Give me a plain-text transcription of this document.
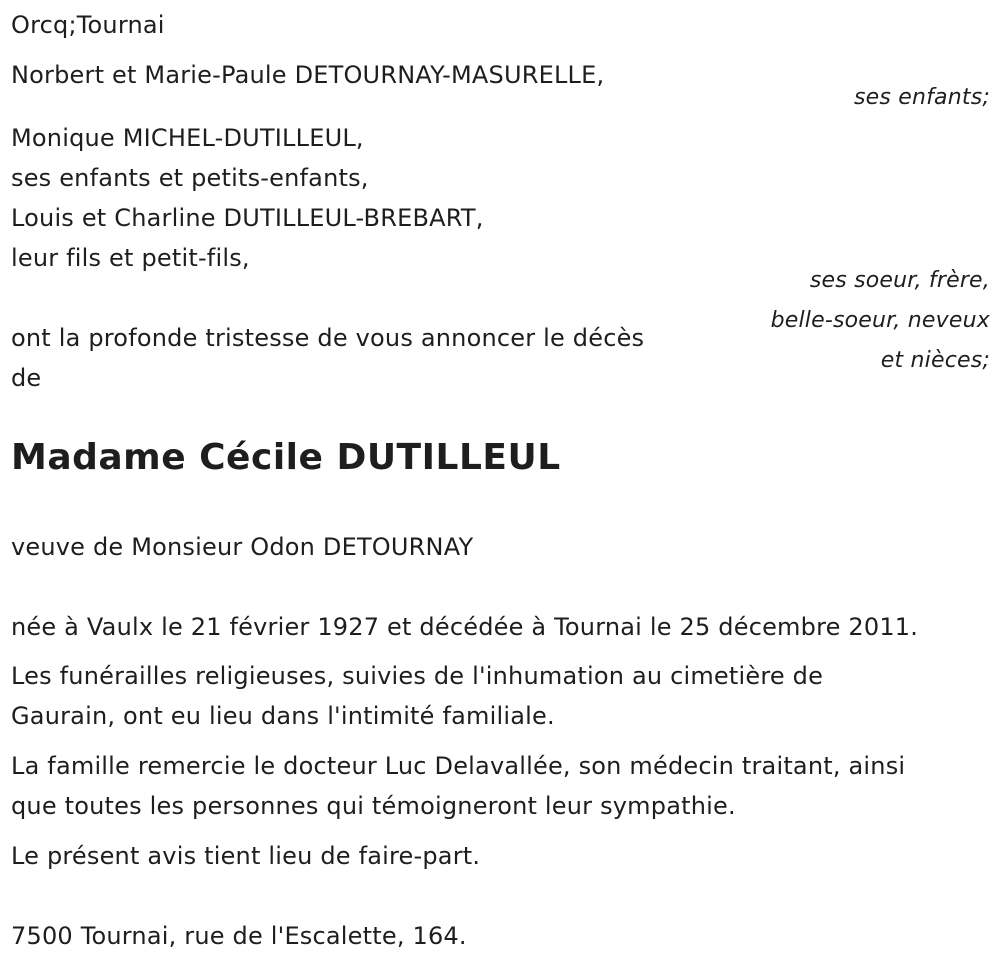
Orcq;Tournai
Norbert et Marie-Paule DETOURNAY-MASURELLE,
ses enfants;
Monique MICHEL-DUTILLEUL,
ses enfants et petits-enfants,
Louis et Charline DUTILLEUL-BREBART,
leur fils et petit-fils,
ses soeur, frère,
belle-soeur, neveux
et nièces;
ont la profonde tristesse de vous annoncer le décès
de
Madame Cécile DUTILLEUL
veuve de Monsieur Odon DETOURNAY
née à Vaulx le 21 février 1927 et décédée à Tournai le 25 décembre 2011.
Les funérailles religieuses, suivies de l'inhumation au cimetière de
Gaurain, ont eu lieu dans l'intimité familiale.
La famille remercie le docteur Luc Delavallée, son médecin traitant, ainsi
que toutes les personnes qui témoigneront leur sympathie.
Le présent avis tient lieu de faire-part.
7500 Tournai, rue de l'Escalette, 164.
